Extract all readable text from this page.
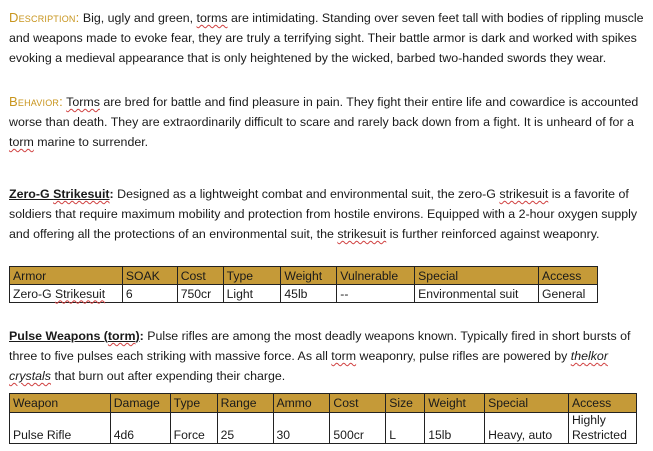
Description: Big, ugly and green, torms are intimidating. Standing over seven feet tall with bodies of rippling muscle and weapons made to evoke fear, they are truly a terrifying sight. Their battle armor is dark and worked with spikes evoking a medieval appearance that is only heightened by the wicked, barbed two-handed swords they wear.

Behavior: Torms are bred for battle and find pleasure in pain. They fight their entire life and cowardice is accounted worse than death. They are extraordinarily difficult to scare and rarely back down from a fight. It is unheard of for a torm marine to surrender.

Zero-G Strikesuit: Designed as a lightweight combat and environmental suit, the zero-G strikesuit is a favorite of soldiers that require maximum mobility and protection from hostile environs. Equipped with a 2-hour oxygen supply and offering all the protections of an environmental suit, the strikesuit is further reinforced against weaponry.

Armor	SOAK	Cost	Type	Weight	Vulnerable	Special	Access
Zero-G Strikesuit	6	750cr	Light	45lb	--	Environmental suit	General

Pulse Weapons (torm): Pulse rifles are among the most deadly weapons known. Typically fired in short bursts of three to five pulses each striking with massive force. As all torm weaponry, pulse rifles are powered by thelkor crystals that burn out after expending their charge.

Weapon	Damage	Type	Range	Ammo	Cost	Size	Weight	Special	Access
Pulse Rifle	4d6	Force	25	30	500cr	L	15lb	Heavy, auto	Highly
Restricted
